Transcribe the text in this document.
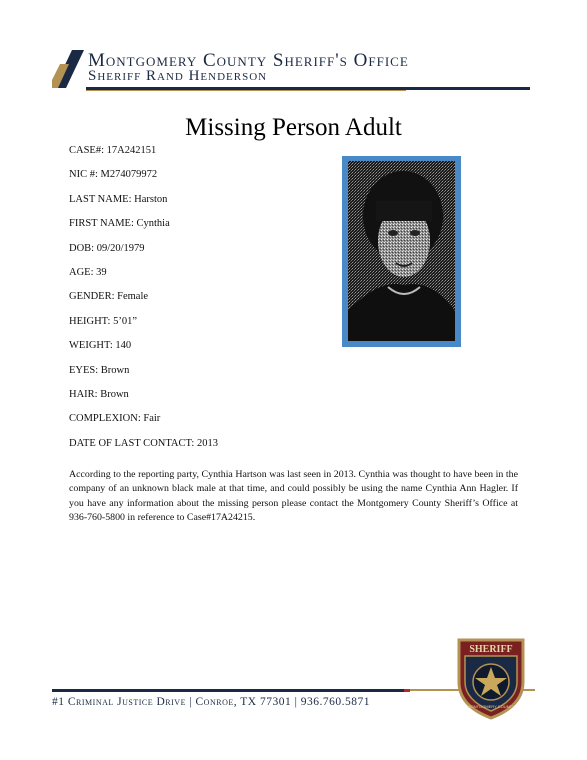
Montgomery County Sheriff's Office
Sheriff Rand Henderson
Missing Person Adult
CASE#: 17A242151
NIC #: M274079972
LAST NAME: Harston
FIRST NAME: Cynthia
DOB: 09/20/1979
AGE: 39
GENDER: Female
HEIGHT: 5’01”
WEIGHT: 140
EYES: Brown
HAIR: Brown
COMPLEXION: Fair
DATE OF LAST CONTACT: 2013

According to the reporting party, Cynthia Hartson was last seen in 2013. Cynthia was thought to have been in the company of an unknown black male at that time, and could possibly be using the name Cynthia Ann Hagler. If you have any information about the missing person please contact the Montgomery County Sheriff’s Office at 936-760-5800 in reference to Case#17A24215.

#1 Criminal Justice Drive | Conroe, TX 77301 | 936.760.5871
SHERIFF
MONTGOMERY COUNTY
